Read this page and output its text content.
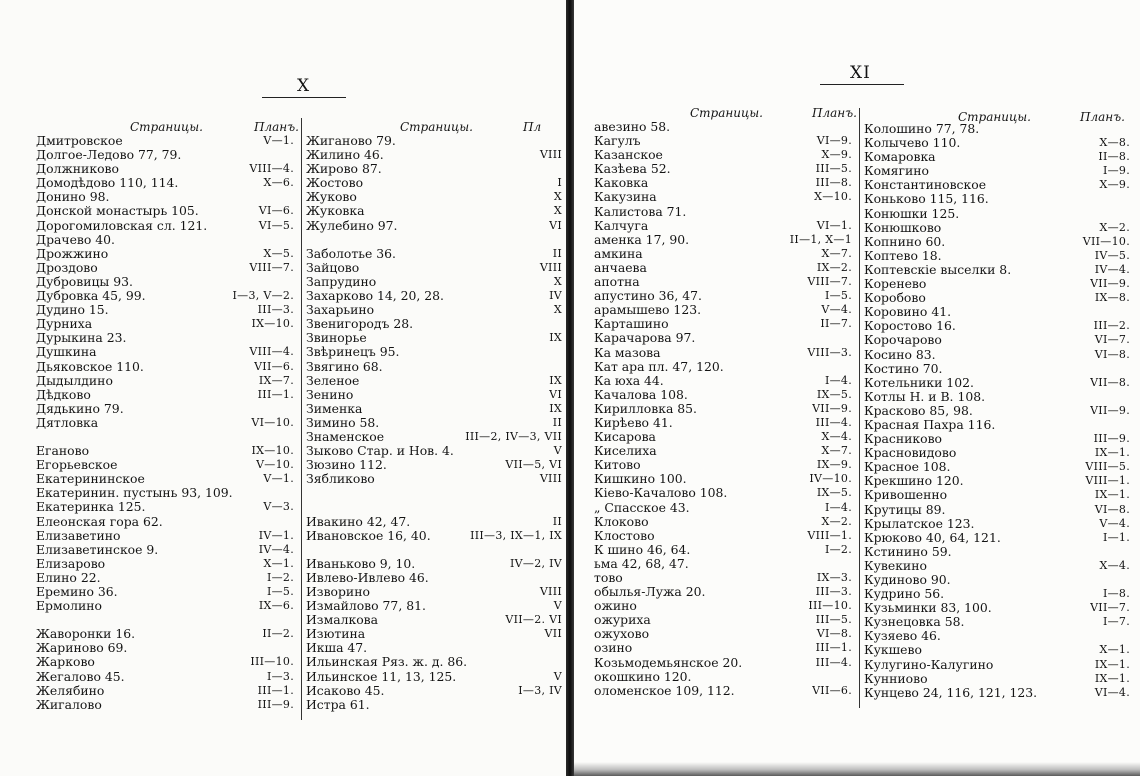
X
Страницы.	Планъ.	Страницы.	Пл
Дмитровское	V—1.
Долгое-Ледово 77, 79.
Должниково	VIII—4.
Домодѣдово 110, 114.	X—6.
Донино 98.
Донской монастырь 105.	VI—6.
Дорогомиловская сл. 121.	VI—5.
Драчево 40.
Дрожжино	X—5.
Дроздово	VIII—7.
Дубровицы 93.
Дубровка 45, 99.	I—3, V—2.
Дудино 15.	III—3.
Дурниха	IX—10.
Дурыкина 23.
Душкина	VIII—4.
Дьяковское 110.	VII—6.
Дыдылдино	IX—7.
Дѣдково	III—1.
Дядькино 79.
Дятловка	VI—10.
Еганово	IX—10.
Егорьевское	V—10.
Екатерининское	V—1.
Екатеринин. пустынь 93, 109.
Екатеринка 125.	V—3.
Елеонская гора 62.
Елизаветино	IV—1.
Елизаветинское 9.	IV—4.
Елизарово	X—1.
Елино 22.	I—2.
Еремино 36.	I—5.
Ермолино	IX—6.
Жаворонки 16.	II—2.
Жариново 69.
Жарково	III—10.
Жегалово 45.	I—3.
Желябино	III—1.
Жигалово	III—9.
Жиганово 79.
Жилино 46.	VIII
Жирово 87.
Жостово	I
Жуково	X
Жуковка	X
Жулебино 97.	VI
Заболотье 36.	II
Зайцово	VIII
Запрудино	X
Захарково 14, 20, 28.	IV
Захарьино	X
Звенигородъ 28.
Звинорье	IX
Звѣринецъ 95.
Звягино 68.
Зеленое	IX
Зенино	VI
Зименка	IX
Зимино 58.	II
Знаменское	III—2, IV—3, VII
Зыково Стар. и Нов. 4.	V
Зюзино 112.	VII—5, VI
Зябликово	VIII
Ивакино 42, 47.	II
Ивановское 16, 40.	III—3, IX—1, IX
Иваньково 9, 10.	IV—2, IV
Ивлево-Ивлево 46.
Изворино	VIII
Измайлово 77, 81.	V
Измалкова	VII—2. VI
Изютина	VII
Икша 47.
Ильинская Ряз. ж. д. 86.
Ильинское 11, 13, 125.	V
Исаково 45.	I—3, IV
Истра 61.
XI
Страницы.	Планъ.	Страницы.	Планъ.
авезино 58.
Кагулъ	VI—9.
Казанское	X—9.
Казѣева 52.	III—5.
Каковка	III—8.
Какузина	X—10.
Калистова 71.
Калчуга	VI—1.
аменка 17, 90.	II—1, X—1
амкина	X—7.
анчаева	IX—2.
апотна	VIII—7.
апустино 36, 47.	I—5.
арамышево 123.	V—4.
Карташино	II—7.
Карачарова 97.
Ка мазова	VIII—3.
Кат ара пл. 47, 120.
Ка юха 44.	I—4.
Качалова 108.	IX—5.
Кирилловка 85.	VII—9.
Кирѣево 41.	III—4.
Кисарова	X—4.
Киселиха	X—7.
Китово	IX—9.
Кишкино 100.	IV—10.
Кіево-Качалово 108.	IX—5.
„ Спасское 43.	I—4.
Клоково	X—2.
Клостово	VIII—1.
К шино 46, 64.	I—2.
ьма 42, 68, 47.
тово	IX—3.
обылья-Лужа 20.	III—3.
ожино	III—10.
ожуриха	III—5.
ожухово	VI—8.
озино	III—1.
Козьмодемьянское 20.	III—4.
окошкино 120.
оломенское 109, 112.	VII—6.
Колошино 77, 78.
Колычево 110.	X—8.
Комаровка	II—8.
Комягино	I—9.
Константиновское	X—9.
Коньково 115, 116.
Конюшки 125.
Конюшково	X—2.
Копнино 60.	VII—10.
Коптево 18.	IV—5.
Коптевскіе выселки 8.	IV—4.
Коренево	VII—9.
Коробово	IX—8.
Коровино 41.
Коростово 16.	III—2.
Корочарово	VI—7.
Косино 83.	VI—8.
Костино 70.
Котельники 102.	VII—8.
Котлы Н. и В. 108.
Красково 85, 98.	VII—9.
Красная Пахра 116.
Красниково	III—9.
Красновидово	IX—1.
Красное 108.	VIII—5.
Крекшино 120.	VIII—1.
Кривошенно	IX—1.
Крутицы 89.	VI—8.
Крылатское 123.	V—4.
Крюково 40, 64, 121.	I—1.
Кстинино 59.
Кувекино	X—4.
Кудиново 90.
Кудрино 56.	I—8.
Кузьминки 83, 100.	VII—7.
Кузнецовка 58.	I—7.
Кузяево 46.
Кукшево	X—1.
Кулугино-Калугино	IX—1.
Кунниово	IX—1.
Кунцево 24, 116, 121, 123.	VI—4.
